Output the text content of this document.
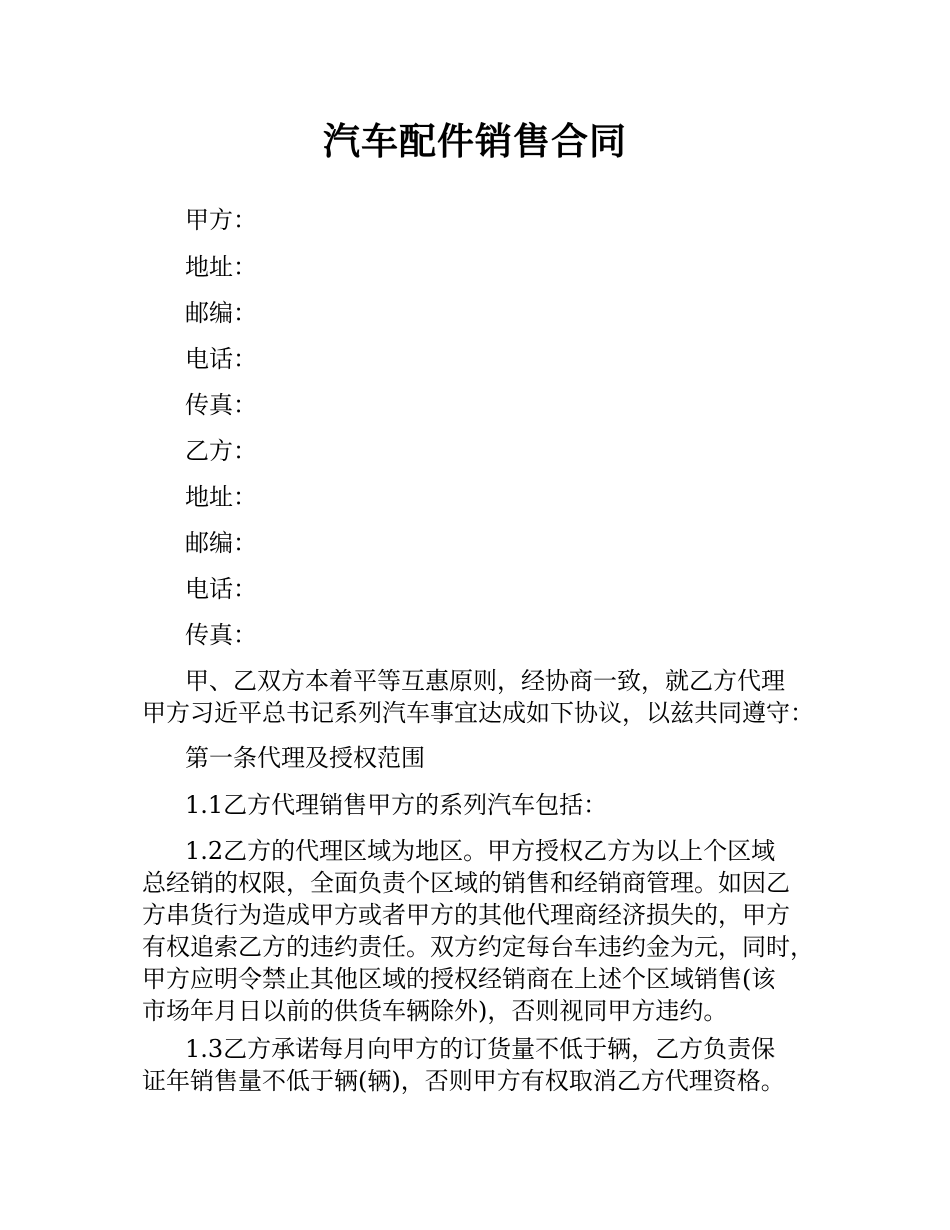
汽车配件销售合同
甲方：
地址：
邮编：
电话：
传真：
乙方：
地址：
邮编：
电话：
传真：
甲、乙双方本着平等互惠原则，经协商一致，就乙方代理
甲方习近平总书记系列汽车事宜达成如下协议，以兹共同遵守：
第一条代理及授权范围
1.1乙方代理销售甲方的系列汽车包括：
1.2乙方的代理区域为地区。甲方授权乙方为以上个区域
总经销的权限，全面负责个区域的销售和经销商管理。如因乙
方串货行为造成甲方或者甲方的其他代理商经济损失的，甲方
有权追索乙方的违约责任。双方约定每台车违约金为元，同时，
甲方应明令禁止其他区域的授权经销商在上述个区域销售(该
市场年月日以前的供货车辆除外)，否则视同甲方违约。
1.3乙方承诺每月向甲方的订货量不低于辆，乙方负责保
证年销售量不低于辆(辆)，否则甲方有权取消乙方代理资格。
